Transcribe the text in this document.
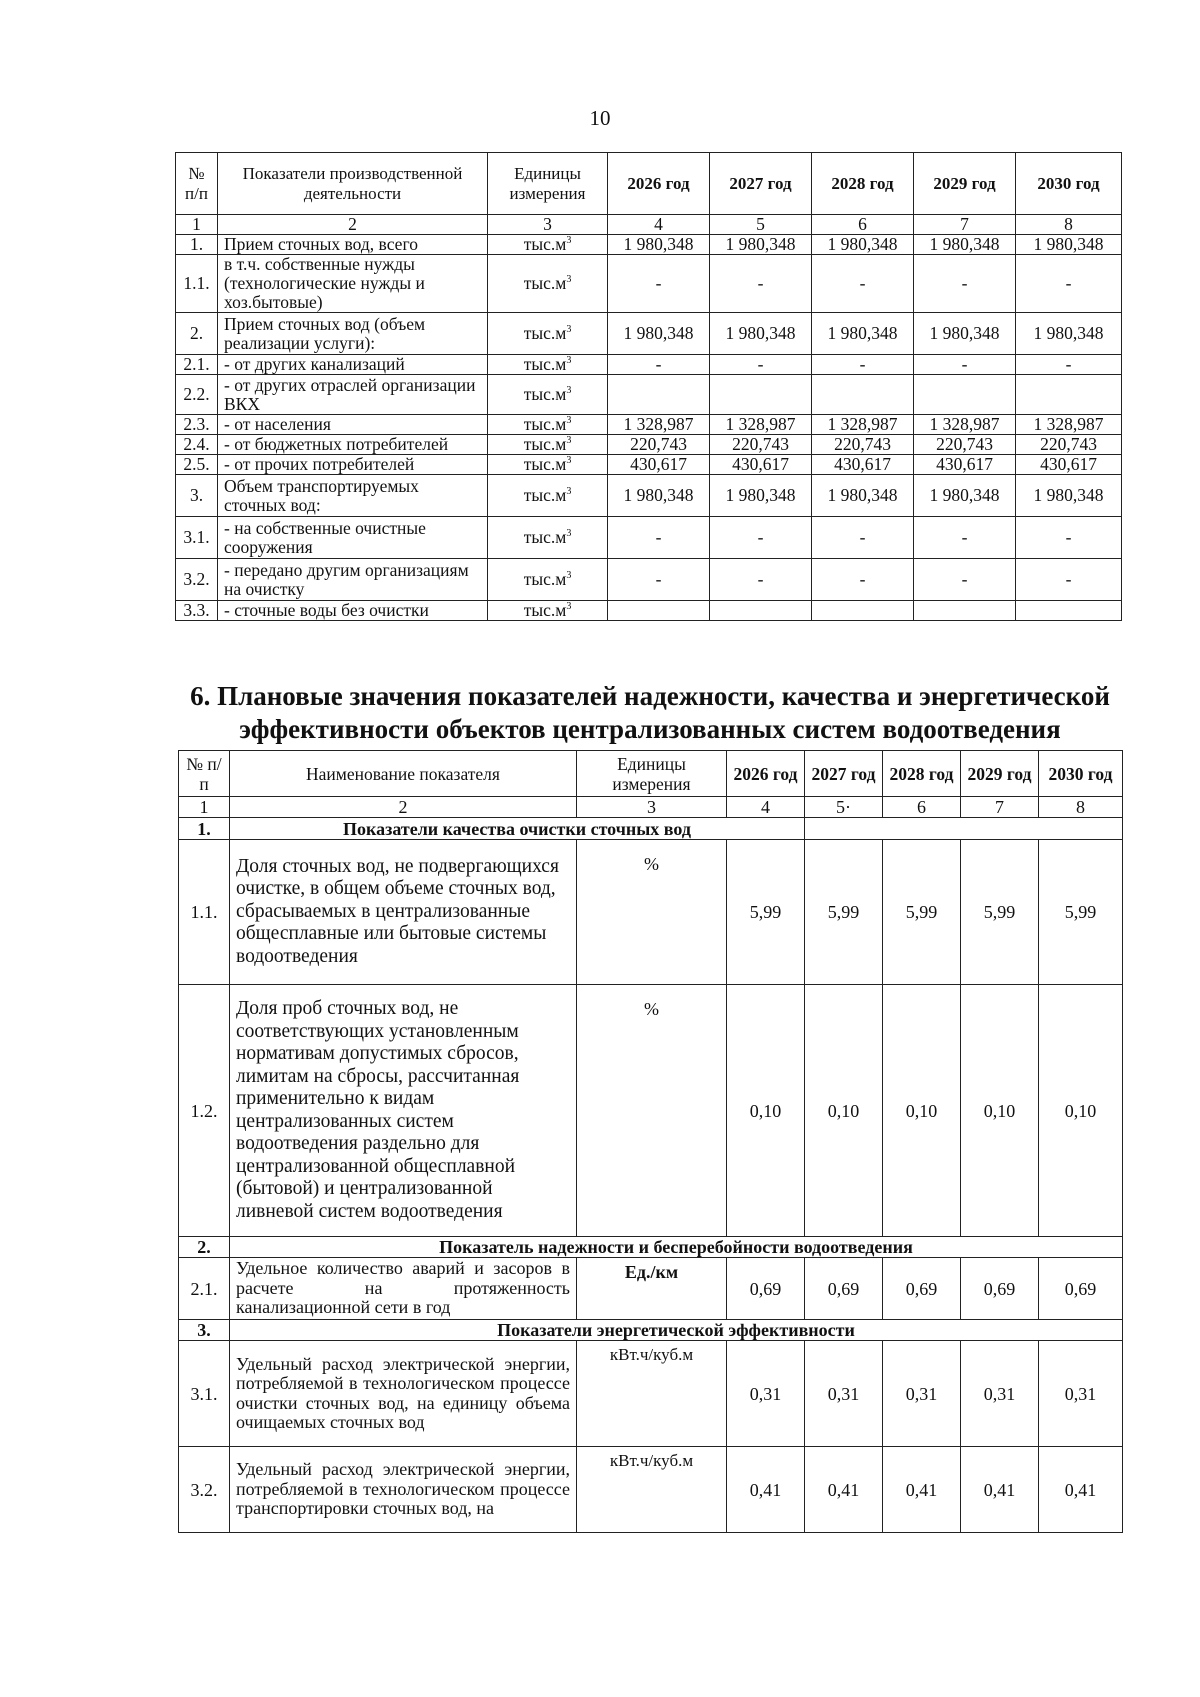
10
№ п/п	Показатели производственной деятельности	Единицы измерения	2026 год	2027 год	2028 год	2029 год	2030 год
1	2	3	4	5	6	7	8
1.	Прием сточных вод, всего	$тыс.м^3$	1 980,348	1 980,348	1 980,348	1 980,348	1 980,348
1.1.	в т.ч. собственные нужды (технологические нужды и хоз.бытовые)	$тыс.м^3$	-	-	-	-	-
2.	Прием сточных вод (объем реализации услуги):	$тыс.м^3$	1 980,348	1 980,348	1 980,348	1 980,348	1 980,348
2.1.	- от других канализаций	$тыс.м^3$	-	-	-	-	-
2.2.	- от других отраслей организации ВКХ	$тыс.м^3$					
2.3.	- от населения	$тыс.м^3$	1 328,987	1 328,987	1 328,987	1 328,987	1 328,987
2.4.	- от бюджетных потребителей	$тыс.м^3$	220,743	220,743	220,743	220,743	220,743
2.5.	- от прочих потребителей	$тыс.м^3$	430,617	430,617	430,617	430,617	430,617
3.	Объем транспортируемых сточных вод:	$тыс.м^3$	1 980,348	1 980,348	1 980,348	1 980,348	1 980,348
3.1.	- на собственные очистные сооружения	$тыс.м^3$	-	-	-	-	-
3.2.	- передано другим организациям на очистку	$тыс.м^3$	-	-	-	-	-
3.3.	- сточные воды без очистки	$тыс.м^3$					
6. Плановые значения показателей надежности, качества и энергетической эффективности объектов централизованных систем водоотведения
№ п/п	Наименование показателя	Единицы измерения	2026 год	2027 год	2028 год	2029 год	2030 год
1	2	3	4	5·	6	7	8
1.	Показатели качества очистки сточных вод						
1.1.	Доля сточных вод, не подвергающихся очистке, в общем объеме сточных вод, сбрасываемых в централизованные общесплавные или бытовые системы водоотведения	%	5,99	5,99	5,99	5,99	5,99
1.2.	Доля проб сточных вод, не соответствующих установленным нормативам допустимых сбросов, лимитам на сбросы, рассчитанная применительно к видам централизованных систем водоотведения раздельно для централизованной общесплавной (бытовой) и централизованной ливневой систем водоотведения	%	0,10	0,10	0,10	0,10	0,10
2.	Показатель надежности и бесперебойности водоотведения						
2.1.	Удельное количество аварий и засоров в расчете на протяженность канализационной сети в год	Ед./км	0,69	0,69	0,69	0,69	0,69
3.	Показатели энергетической эффективности						
3.1.	Удельный расход электрической энергии, потребляемой в технологическом процессе очистки сточных вод, на единицу объема очищаемых сточных вод	кВт.ч/куб.м	0,31	0,31	0,31	0,31	0,31
3.2.	Удельный расход электрической энергии, потребляемой в технологическом процессе транспортировки сточных вод, на	кВт.ч/куб.м	0,41	0,41	0,41	0,41	0,41
